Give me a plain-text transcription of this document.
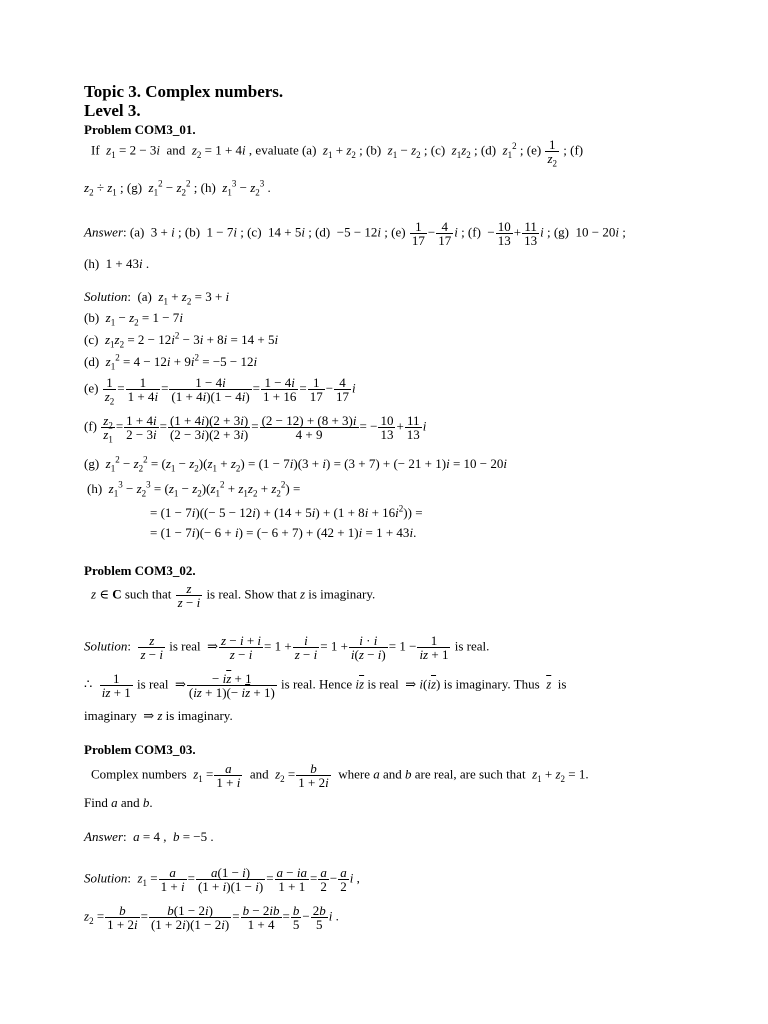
Topic 3. Complex numbers.
Level 3.
Problem COM3_01.
If  $z_1 = 2 - 3i$  and  $z_2 = 1 + 4i$ , evaluate (a)  $z_1 + z_2$ ; (b)  $z_1 - z_2$ ; (c)  $z_1z_2$ ; (d)  $z_1^2$ ; $(e) \frac{1}{z_2}$ ; (f)
$z_2 \div z_1$ ; (g)  $z_1^2 - z_2^2$ ; (h)  $z_1^3 - z_2^3$ .
Answer: (a)  3 + i ; (b)  1 − 7i ; (c)  14 + 5i ; (d)  −5 − 12i ; $(e) \frac{1}{17} - \frac{4}{17}$ i ; $(f) - \frac{10}{13} + \frac{11}{13}$ i ; (g)  10 − 20i ;
(h)  1 + 43i .
Solution:  (a)  $z_1 + z_2 = 3 + i$
(b)  $z_1 - z_2 = 1 - 7i$
(c)  $z_1z_2 = 2 - 12i^2 - 3i + 8i = 14 + 5i$
(d)  $z_1^2 = 4 - 12i + 9i^2 = -5 - 12i$
$(e) \frac{1}{z_2} = \frac{1}{1 + 4i} = \frac{1 - 4i}{(1 + 4i)(1 - 4i)} = \frac{1 - 4i}{1 + 16} = \frac{1}{17} - \frac{4}{17}$ i
$(f) \frac{z_2}{z_1} = \frac{1 + 4i}{2 - 3i} = \frac{(1 + 4i)(2 + 3i)}{(2 - 3i)(2 + 3i)} = \frac{(2 - 12) + (8 + 3)i}{4 + 9}$ = − $\frac{10}{13} + \frac{11}{13}$ i
(g)  $z_1^2 - z_2^2 = (z_1 - z_2)(z_1 + z_2) = (1 - 7i)(3 + i) = (3 + 7)$ + (− 21 + 1)i = 10 − 20i
(h)  $z_1^3 - z_2^3 = (z_1 - z_2)(z_1^2 + z_1z_2 + z_2^2)$ =
= $(1 - 7i)((- 5 - 12i) + (14 + 5i) + (1 + 8i + 16i^2))$ =
= (1 − 7i)(− 6 + i) = (− 6 + 7) + (42 + 1)i = 1 + 43i.
Problem COM3_02.
z ∈ C such that $\frac{z}{z - i}$ is real. Show that z is imaginary.
Solution: $\frac{z}{z - i}$ is real  ⇒ $\frac{z - i + i}{z - i} = 1 + \frac{i}{z - i} = 1 + \frac{i \cdot i}{i(z - i)} = 1 - \frac{1}{iz + 1}$ is real.
∴ $\frac{1}{iz + 1}$ is real  ⇒ $\frac{- i\overline{z} + 1}{(iz + 1)(- i\overline{z} + 1)}$ is real. Hence $i\overline{z}$ is real  ⇒ $i(i\overline{z})$ is imaginary. Thus  $\overline{z}$  is
imaginary  ⇒ z is imaginary.
Problem COM3_03.
Complex numbers  $z_1 = \frac{a}{1 + i}$ and  $z_2 = \frac{b}{1 + 2i}$ where a and b are real, are such that  $z_1 + z_2 = 1$.
Find a and b.
Answer:  a = 4 ,  b = −5 .
Solution:  $z_1 = \frac{a}{1 + i} = \frac{a(1 - i)}{(1 + i)(1 - i)} = \frac{a - ia}{1 + 1} = \frac{a}{2} - \frac{a}{2}$ i ,
$z_2 = \frac{b}{1 + 2i} = \frac{b(1 - 2i)}{(1 + 2i)(1 - 2i)} = \frac{b - 2ib}{1 + 4} = \frac{b}{5} - \frac{2b}{5}$ i .
